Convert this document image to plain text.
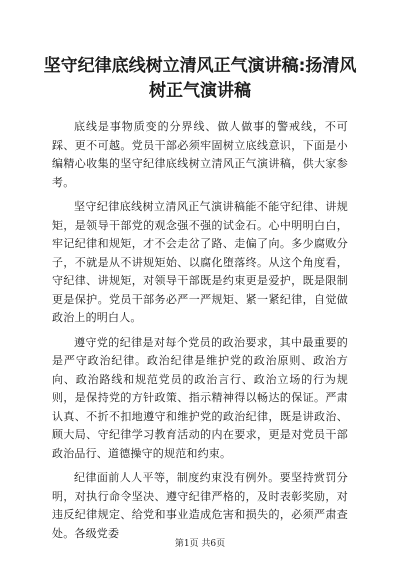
坚守纪律底线树立清风正气演讲稿:扬清风树正气演讲稿

底线是事物质变的分界线、做人做事的警戒线，不可踩、更不可越。党员干部必须牢固树立底线意识，下面是小编精心收集的坚守纪律底线树立清风正气演讲稿，供大家参考。

坚守纪律底线树立清风正气演讲稿能不能守纪律、讲规矩，是领导干部党的观念强不强的试金石。心中明明白白，牢记纪律和规矩，才不会走岔了路、走偏了向。多少腐败分子，不就是从不讲规矩始、以腐化堕落终。从这个角度看，守纪律、讲规矩，对领导干部既是约束更是爱护，既是限制更是保护。党员干部务必严一严规矩、紧一紧纪律，自觉做政治上的明白人。

遵守党的纪律是对每个党员的政治要求，其中最重要的是严守政治纪律。政治纪律是维护党的政治原则、政治方向、政治路线和规范党员的政治言行、政治立场的行为规则，是保持党的方针政策、指示精神得以畅达的保证。严肃认真、不折不扣地遵守和维护党的政治纪律，既是讲政治、顾大局、守纪律学习教育活动的内在要求，更是对党员干部政治品行、道德操守的规范和约束。

纪律面前人人平等，制度约束没有例外。要坚持赏罚分明，对执行命令坚决、遵守纪律严格的，及时表彰奖励，对违反纪律规定、给党和事业造成危害和损失的，必须严肃查处。各级党委

第1页 共6页
